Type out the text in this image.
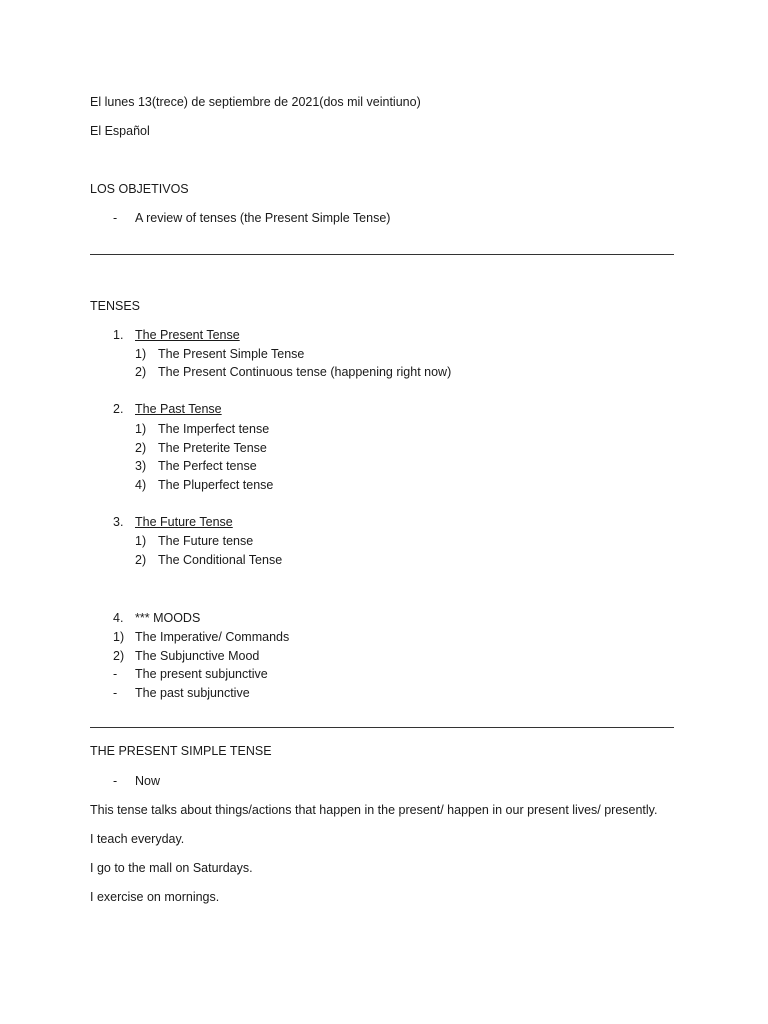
El lunes 13(trece) de septiembre de 2021(dos mil veintiuno)
El Español
LOS OBJETIVOS
- A review of tenses (the Present Simple Tense)
TENSES
1. The Present Tense
1) The Present Simple Tense
2) The Present Continuous tense (happening right now)
2. The Past Tense
1) The Imperfect tense
2) The Preterite Tense
3) The Perfect tense
4) The Pluperfect tense
3. The Future Tense
1) The Future tense
2) The Conditional Tense
4. *** MOODS
1) The Imperative/ Commands
2) The Subjunctive Mood
- The present subjunctive
- The past subjunctive
THE PRESENT SIMPLE TENSE
- Now
This tense talks about things/actions that happen in the present/ happen in our present lives/ presently.
I teach everyday.
I go to the mall on Saturdays.
I exercise on mornings.
